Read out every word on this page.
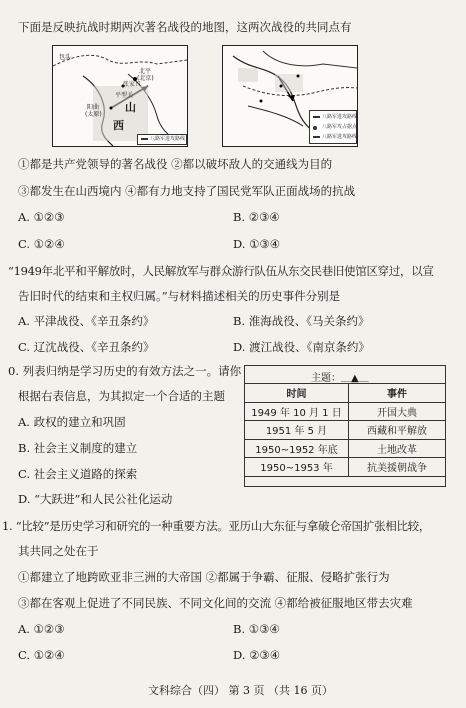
下面是反映抗战时期两次著名战役的地图，这两次战役的共同点有
包头
北平
(北京)
张家口
平型关
阳曲
(太原)
山
西
八路军进攻路线
八路军进攻路线
八路军攻占据点
八路军进攻路线
①都是共产党领导的著名战役 ②都以破坏敌人的交通线为目的
③都发生在山西境内 ④都有力地支持了国民党军队正面战场的抗战
A. ①②③	B. ②③④
C. ①②④	D. ①③④
“1949年北平和平解放时，人民解放军与群众游行队伍从东交民巷旧使馆区穿过，以宣
告旧时代的结束和主权归属。”与材料描述相关的历史事件分别是
A. 平津战役、《辛丑条约》	B. 淮海战役、《马关条约》
C. 辽沈战役、《辛丑条约》	D. 渡江战役、《南京条约》
0. 列表归纳是学习历史的有效方法之一。请你
根据右表信息，为其拟定一个合适的主题
A. 政权的建立和巩固
B. 社会主义制度的建立
C. 社会主义道路的探索
D. “大跃进”和人民公社化运动
主题：＿▲＿
时间	事件
1949 年 10 月 1 日	开国大典
1951 年 5 月	西藏和平解放
1950~1952 年底	土地改革
1950~1953 年	抗美援朝战争
1. “比较”是历史学习和研究的一种重要方法。亚历山大东征与拿破仑帝国扩张相比较，
其共同之处在于
①都建立了地跨欧亚非三洲的大帝国 ②都属于争霸、征服、侵略扩张行为
③都在客观上促进了不同民族、不同文化间的交流 ④都给被征服地区带去灾难
A. ①②③	B. ①③④
C. ①②④	D. ②③④
文科综合（四） 第 3 页 （共 16 页）
